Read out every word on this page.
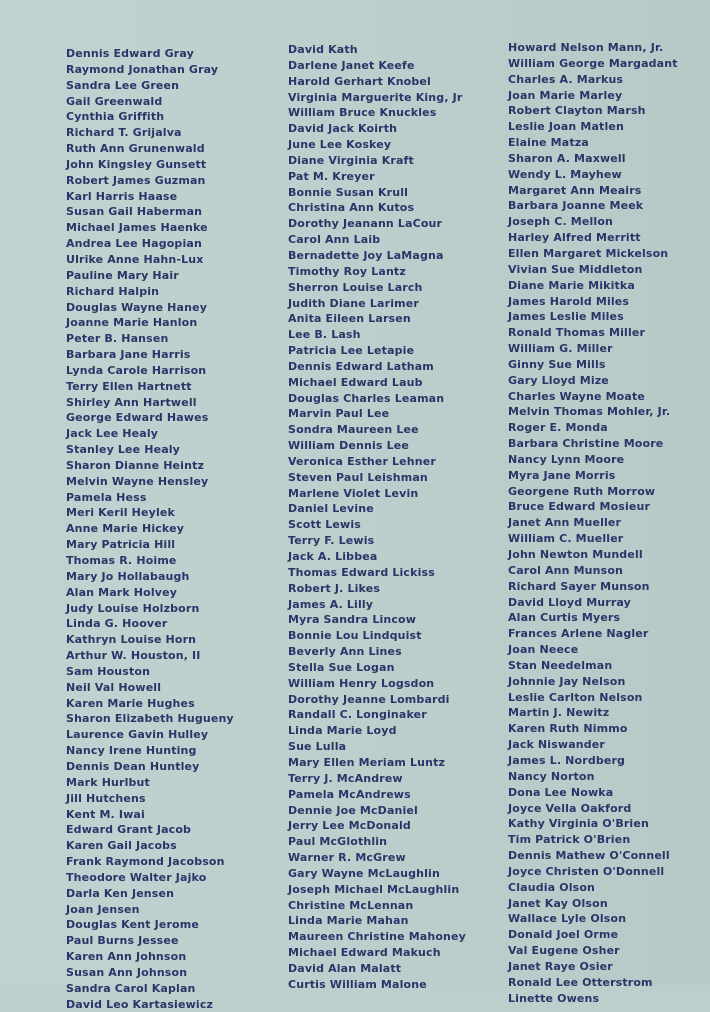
Dennis Edward Gray
Raymond Jonathan Gray
Sandra Lee Green
Gail Greenwald
Cynthia Griffith
Richard T. Grijalva
Ruth Ann Grunenwald
John Kingsley Gunsett
Robert James Guzman
Karl Harris Haase
Susan Gail Haberman
Michael James Haenke
Andrea Lee Hagopian
Ulrike Anne Hahn-Lux
Pauline Mary Hair
Richard Halpin
Douglas Wayne Haney
Joanne Marie Hanlon
Peter B. Hansen
Barbara Jane Harris
Lynda Carole Harrison
Terry Ellen Hartnett
Shirley Ann Hartwell
George Edward Hawes
Jack Lee Healy
Stanley Lee Healy
Sharon Dianne Heintz
Melvin Wayne Hensley
Pamela Hess
Meri Keril Heylek
Anne Marie Hickey
Mary Patricia Hill
Thomas R. Hoime
Mary Jo Hollabaugh
Alan Mark Holvey
Judy Louise Holzborn
Linda G. Hoover
Kathryn Louise Horn
Arthur W. Houston, II
Sam Houston
Neil Val Howell
Karen Marie Hughes
Sharon Elizabeth Hugueny
Laurence Gavin Hulley
Nancy Irene Hunting
Dennis Dean Huntley
Mark Hurlbut
Jill Hutchens
Kent M. Iwai
Edward Grant Jacob
Karen Gail Jacobs
Frank Raymond Jacobson
Theodore Walter Jajko
Darla Ken Jensen
Joan Jensen
Douglas Kent Jerome
Paul Burns Jessee
Karen Ann Johnson
Susan Ann Johnson
Sandra Carol Kaplan
David Leo Kartasiewicz
David Kath
Darlene Janet Keefe
Harold Gerhart Knobel
Virginia Marguerite King, Jr
William Bruce Knuckles
David Jack Koirth
June Lee Koskey
Diane Virginia Kraft
Pat M. Kreyer
Bonnie Susan Krull
Christina Ann Kutos
Dorothy Jeanann LaCour
Carol Ann Laib
Bernadette Joy LaMagna
Timothy Roy Lantz
Sherron Louise Larch
Judith Diane Larimer
Anita Eileen Larsen
Lee B. Lash
Patricia Lee Letapie
Dennis Edward Latham
Michael Edward Laub
Douglas Charles Leaman
Marvin Paul Lee
Sondra Maureen Lee
William Dennis Lee
Veronica Esther Lehner
Steven Paul Leishman
Marlene Violet Levin
Daniel Levine
Scott Lewis
Terry F. Lewis
Jack A. Libbea
Thomas Edward Lickiss
Robert J. Likes
James A. Lilly
Myra Sandra Lincow
Bonnie Lou Lindquist
Beverly Ann Lines
Stella Sue Logan
William Henry Logsdon
Dorothy Jeanne Lombardi
Randall C. Longinaker
Linda Marie Loyd
Sue Lulla
Mary Ellen Meriam Luntz
Terry J. McAndrew
Pamela McAndrews
Dennie Joe McDaniel
Jerry Lee McDonald
Paul McGlothlin
Warner R. McGrew
Gary Wayne McLaughlin
Joseph Michael McLaughlin
Christine McLennan
Linda Marie Mahan
Maureen Christine Mahoney
Michael Edward Makuch
David Alan Malatt
Curtis William Malone
Howard Nelson Mann, Jr.
William George Margadant
Charles A. Markus
Joan Marie Marley
Robert Clayton Marsh
Leslie Joan Matlen
Elaine Matza
Sharon A. Maxwell
Wendy L. Mayhew
Margaret Ann Meairs
Barbara Joanne Meek
Joseph C. Mellon
Harley Alfred Merritt
Ellen Margaret Mickelson
Vivian Sue Middleton
Diane Marie Mikitka
James Harold Miles
James Leslie Miles
Ronald Thomas Miller
William G. Miller
Ginny Sue Mills
Gary Lloyd Mize
Charles Wayne Moate
Melvin Thomas Mohler, Jr.
Roger E. Monda
Barbara Christine Moore
Nancy Lynn Moore
Myra Jane Morris
Georgene Ruth Morrow
Bruce Edward Mosieur
Janet Ann Mueller
William C. Mueller
John Newton Mundell
Carol Ann Munson
Richard Sayer Munson
David Lloyd Murray
Alan Curtis Myers
Frances Arlene Nagler
Joan Neece
Stan Needelman
Johnnie Jay Nelson
Leslie Carlton Nelson
Martin J. Newitz
Karen Ruth Nimmo
Jack Niswander
James L. Nordberg
Nancy Norton
Dona Lee Nowka
Joyce Vella Oakford
Kathy Virginia O'Brien
Tim Patrick O'Brien
Dennis Mathew O'Connell
Joyce Christen O'Donnell
Claudia Olson
Janet Kay Olson
Wallace Lyle Olson
Donald Joel Orme
Val Eugene Osher
Janet Raye Osier
Ronald Lee Otterstrom
Linette Owens
